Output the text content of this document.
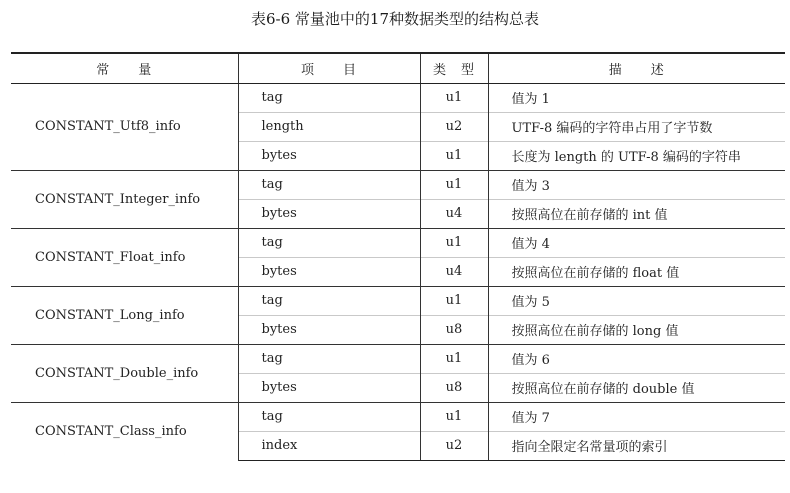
表6-6 常量池中的17种数据类型的结构总表
常　　量	项　　目	类　型	描　　述
CONSTANT_Utf8_info	tag	u1	值为 1
	length	u2	UTF-8 编码的字符串占用了字节数
	bytes	u1	长度为 length 的 UTF-8 编码的字符串
CONSTANT_Integer_info	tag	u1	值为 3
	bytes	u4	按照高位在前存储的 int 值
CONSTANT_Float_info	tag	u1	值为 4
	bytes	u4	按照高位在前存储的 float 值
CONSTANT_Long_info	tag	u1	值为 5
	bytes	u8	按照高位在前存储的 long 值
CONSTANT_Double_info	tag	u1	值为 6
	bytes	u8	按照高位在前存储的 double 值
CONSTANT_Class_info	tag	u1	值为 7
	index	u2	指向全限定名常量项的索引
